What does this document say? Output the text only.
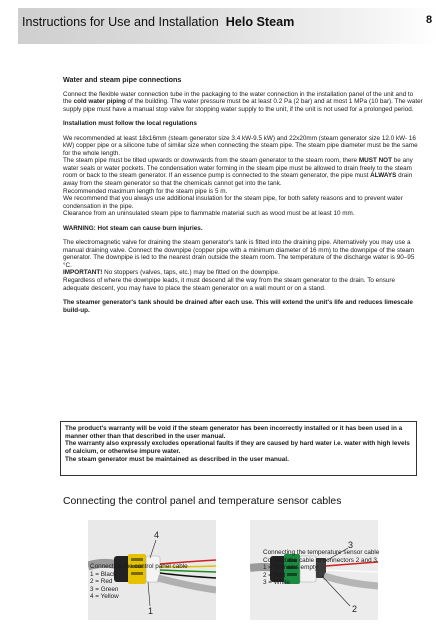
Instructions for Use and Installation Helo Steam	8

Water and steam pipe connections

Connect the flexible water connection tube in the packaging to the water connection in the installation panel of the unit and to the cold water piping of the building. The water pressure must be at least 0.2 Pa (2 bar) and at most 1 MPa (10 bar). The water supply pipe must have a manual stop valve for stopping water supply to the unit, if the unit is not used for a prolonged period.

Installation must follow the local regulations

We recommended at least 18x16mm (steam generator size 3.4 kW-9.5 kW) and 22x20mm (steam generator size 12.0 kW- 16 kW) copper pipe or a silicone tube of similar size when connecting the steam pipe. The steam pipe diameter must be the same for the whole length.

The steam pipe must be tilted upwards or downwards from the steam generator to the steam room, there MUST NOT be any water seals or water pockets. The condensation water forming in the steam pipe must be allowed to drain freely to the steam room or back to the steam generator. If an essence pump is connected to the steam generator, the pipe must ALWAYS drain away from the steam generator so that the chemicals cannot get into the tank.

Recommended maximum length for the steam pipe is 5 m.

We recommend that you always use additional insulation for the steam pipe, for both safety reasons and to prevent water condensation in the pipe.

Clearance from an uninsulated steam pipe to flammable material such as wood must be at least 10 mm.

WARNING: Hot steam can cause burn injuries.

The electromagnetic valve for draining the steam generator's tank is fitted into the draining pipe. Alternatively you may use a manual draining valve. Connect the downpipe (copper pipe with a minimum diameter of 16 mm) to the downpipe of the steam generator. The downpipe is led to the nearest drain outside the steam room. The temperature of the discharge water is 90–95 °C.

IMPORTANT! No stoppers (valves, taps, etc.) may be fitted on the downpipe.

Regardless of where the downpipe leads, it must descend all the way from the steam generator to the drain. To ensure adequate descent, you may have to place the steam generator on a wall mount or on a stand.

The steamer generator's tank should be drained after each use. This will extend the unit's life and reduces limescale build-up.

The product's warranty will be void if the steam generator has been incorrectly installed or it has been used in a manner other than that described in the user manual.

The warranty also expressly excludes operational faults if they are caused by hard water i.e. water with high levels of calcium, or otherwise impure water.

The steam generator must be maintained as described in the user manual.

Connecting the control panel and temperature sensor cables
4
1
3
2

Connecting the control panel cable

1 = Black

2 = Red

3 = Green

4 = Yellow

Connecting the temperature sensor cable

Connect the cable to connectors 2 and 3.

1 = Remains empty

2 = Red

3 = White
